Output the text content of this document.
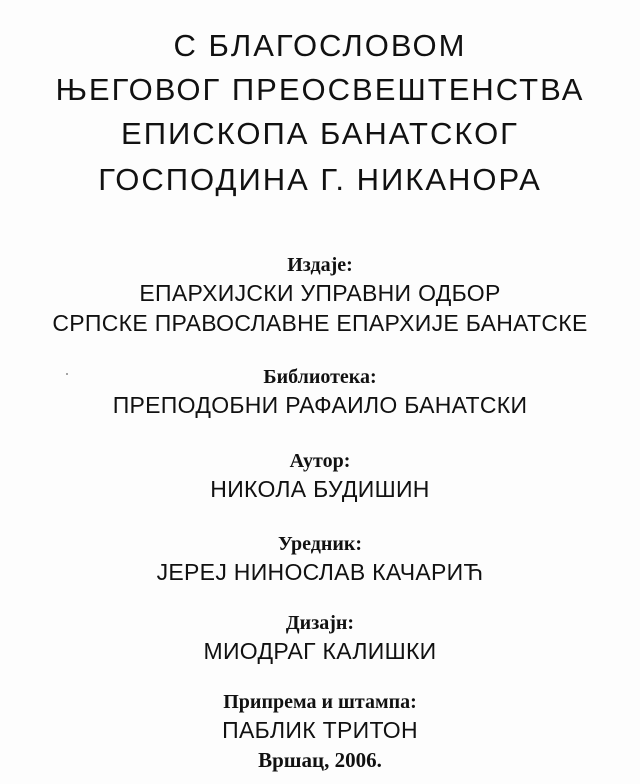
С БЛАГОСЛОВОМ
ЊЕГОВОГ ПРЕОСВЕШТЕНСТВА
ЕПИСКОПА БАНАТСКОГ
ГОСПОДИНА Г. НИКАНОРА
Издаје:
ЕПАРХИЈСКИ УПРАВНИ ОДБОР
СРПСКЕ ПРАВОСЛАВНЕ ЕПАРХИЈЕ БАНАТСКЕ
Библиотека:
ПРЕПОДОБНИ РАФАИЛО БАНАТСКИ
Аутор:
НИКОЛА БУДИШИН
Уредник:
ЈЕРЕЈ НИНОСЛАВ КАЧАРИЋ
Дизајн:
МИОДРАГ КАЛИШКИ
Припрема и штампа:
ПАБЛИК ТРИТОН
Вршац, 2006.
